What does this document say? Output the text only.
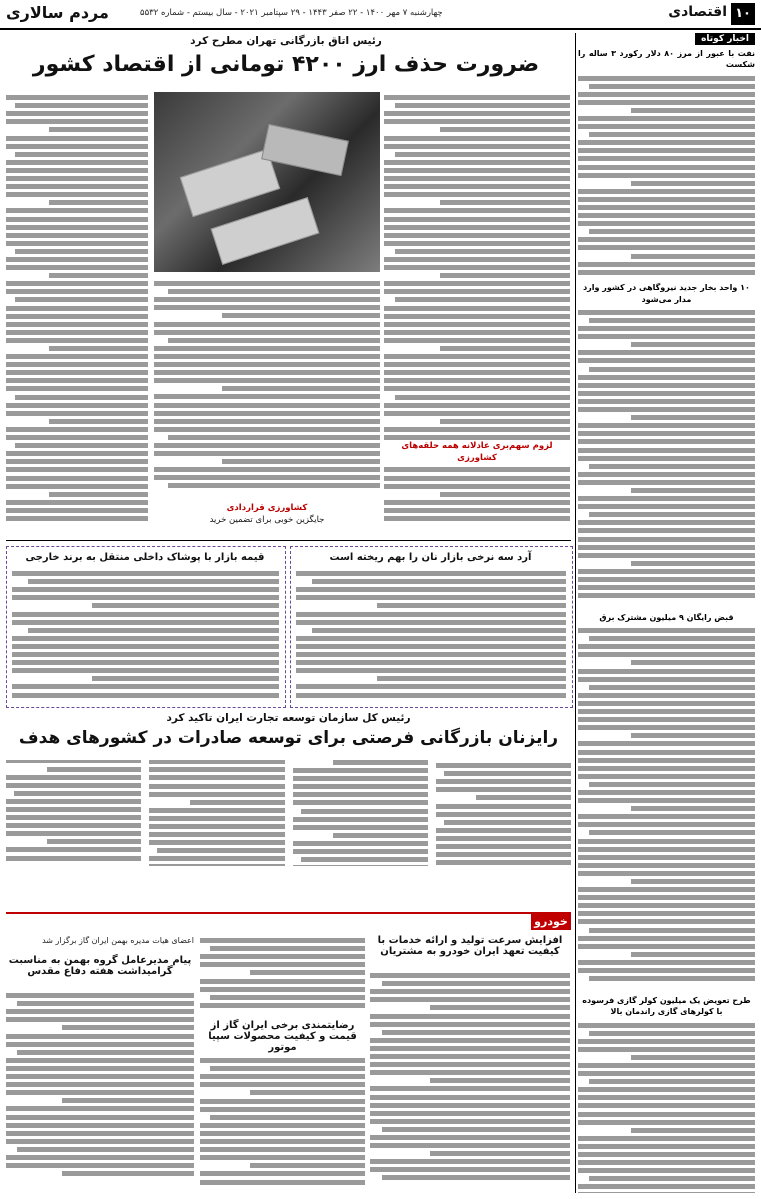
۱۰
اقتصادی
چهارشنبه ۷ مهر ۱۴۰۰ - ۲۲ صفر ۱۴۴۳ - ۲۹ سپتامبر ۲۰۲۱ - سال بیستم - شماره ۵۵۳۲
مردم سالاری
اخبار کوتاه

نفت با عبور از مرز ۸۰ دلار رکورد ۳ ساله را شکست

۱۰ واحد بخار جدید نیروگاهی در کشور وارد مدار می‌شود

قبض رایگان ۹ میلیون مشترک برق

طرح تعویض یک میلیون کولر گازی فرسوده با کولرهای گازی راندمان بالا

رئیس اتاق بازرگانی تهران مطرح کرد
ضرورت حذف ارز ۴۲۰۰ تومانی از اقتصاد کشور
لزوم سهم‌بری عادلانه همه حلقه‌های کشاورزی
کشاورزی قراردادی
جایگزین خوبی برای تضمین خرید
آرد سه نرخی بازار نان را بهم ریخته است
قیمه بازار با پوشاک داخلی منتقل به برند خارجی
رئیس کل سازمان توسعه تجارت ایران تاکید کرد
رایزنان بازرگانی فرصتی برای توسعه صادرات در کشورهای هدف
خودرو
افزایش سرعت تولید و ارائه خدمات با کیفیت تعهد ایران خودرو به مشتریان
رضایتمندی برخی ایران گاز از قیمت و کیفیت محصولات سپیا موتور
اعضای هیات مدیره بهمن ایران گاز برگزار شد
پیام مدیرعامل گروه بهمن به مناسبت گرامیداشت هفته دفاع مقدس
